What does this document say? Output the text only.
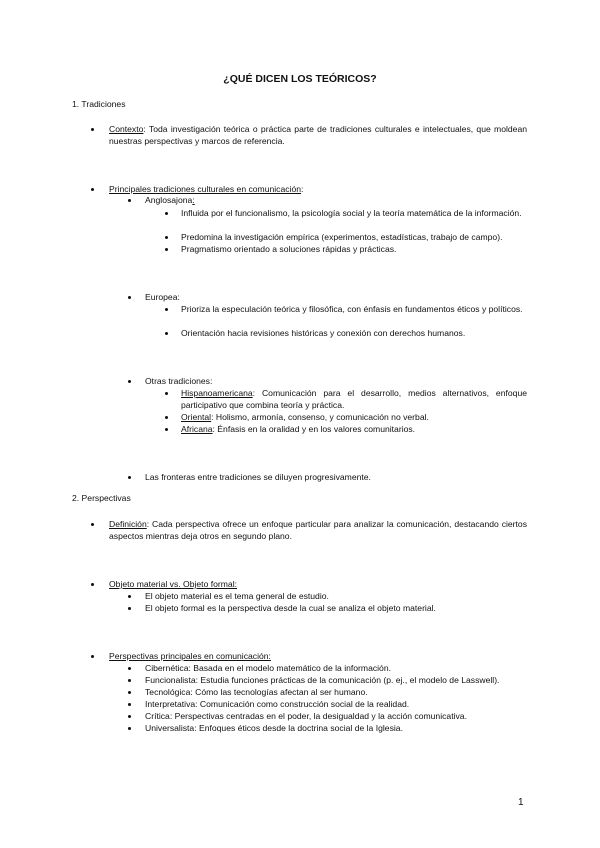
¿QUÉ DICEN LOS TEÓRICOS?
1. Tradiciones
Contexto: Toda investigación teórica o práctica parte de tradiciones culturales e intelectuales, que moldean nuestras perspectivas y marcos de referencia.
Principales tradiciones culturales en comunicación:
Anglosajona:
Influida por el funcionalismo, la psicología social y la teoría matemática de la información.
Predomina la investigación empírica (experimentos, estadísticas, trabajo de campo).
Pragmatismo orientado a soluciones rápidas y prácticas.
Europea:
Prioriza la especulación teórica y filosófica, con énfasis en fundamentos éticos y políticos.
Orientación hacia revisiones históricas y conexión con derechos humanos.
Otras tradiciones:
Hispanoamericana: Comunicación para el desarrollo, medios alternativos, enfoque participativo que combina teoría y práctica.
Oriental: Holismo, armonía, consenso, y comunicación no verbal.
Africana: Énfasis en la oralidad y en los valores comunitarios.
Las fronteras entre tradiciones se diluyen progresivamente.
2. Perspectivas
Definición: Cada perspectiva ofrece un enfoque particular para analizar la comunicación, destacando ciertos aspectos mientras deja otros en segundo plano.
Objeto material vs. Objeto formal:
El objeto material es el tema general de estudio.
El objeto formal es la perspectiva desde la cual se analiza el objeto material.
Perspectivas principales en comunicación:
Cibernética: Basada en el modelo matemático de la información.
Funcionalista: Estudia funciones prácticas de la comunicación (p. ej., el modelo de Lasswell).
Tecnológica: Cómo las tecnologías afectan al ser humano.
Interpretativa: Comunicación como construcción social de la realidad.
Crítica: Perspectivas centradas en el poder, la desigualdad y la acción comunicativa.
Universalista: Enfoques éticos desde la doctrina social de la Iglesia.
1
